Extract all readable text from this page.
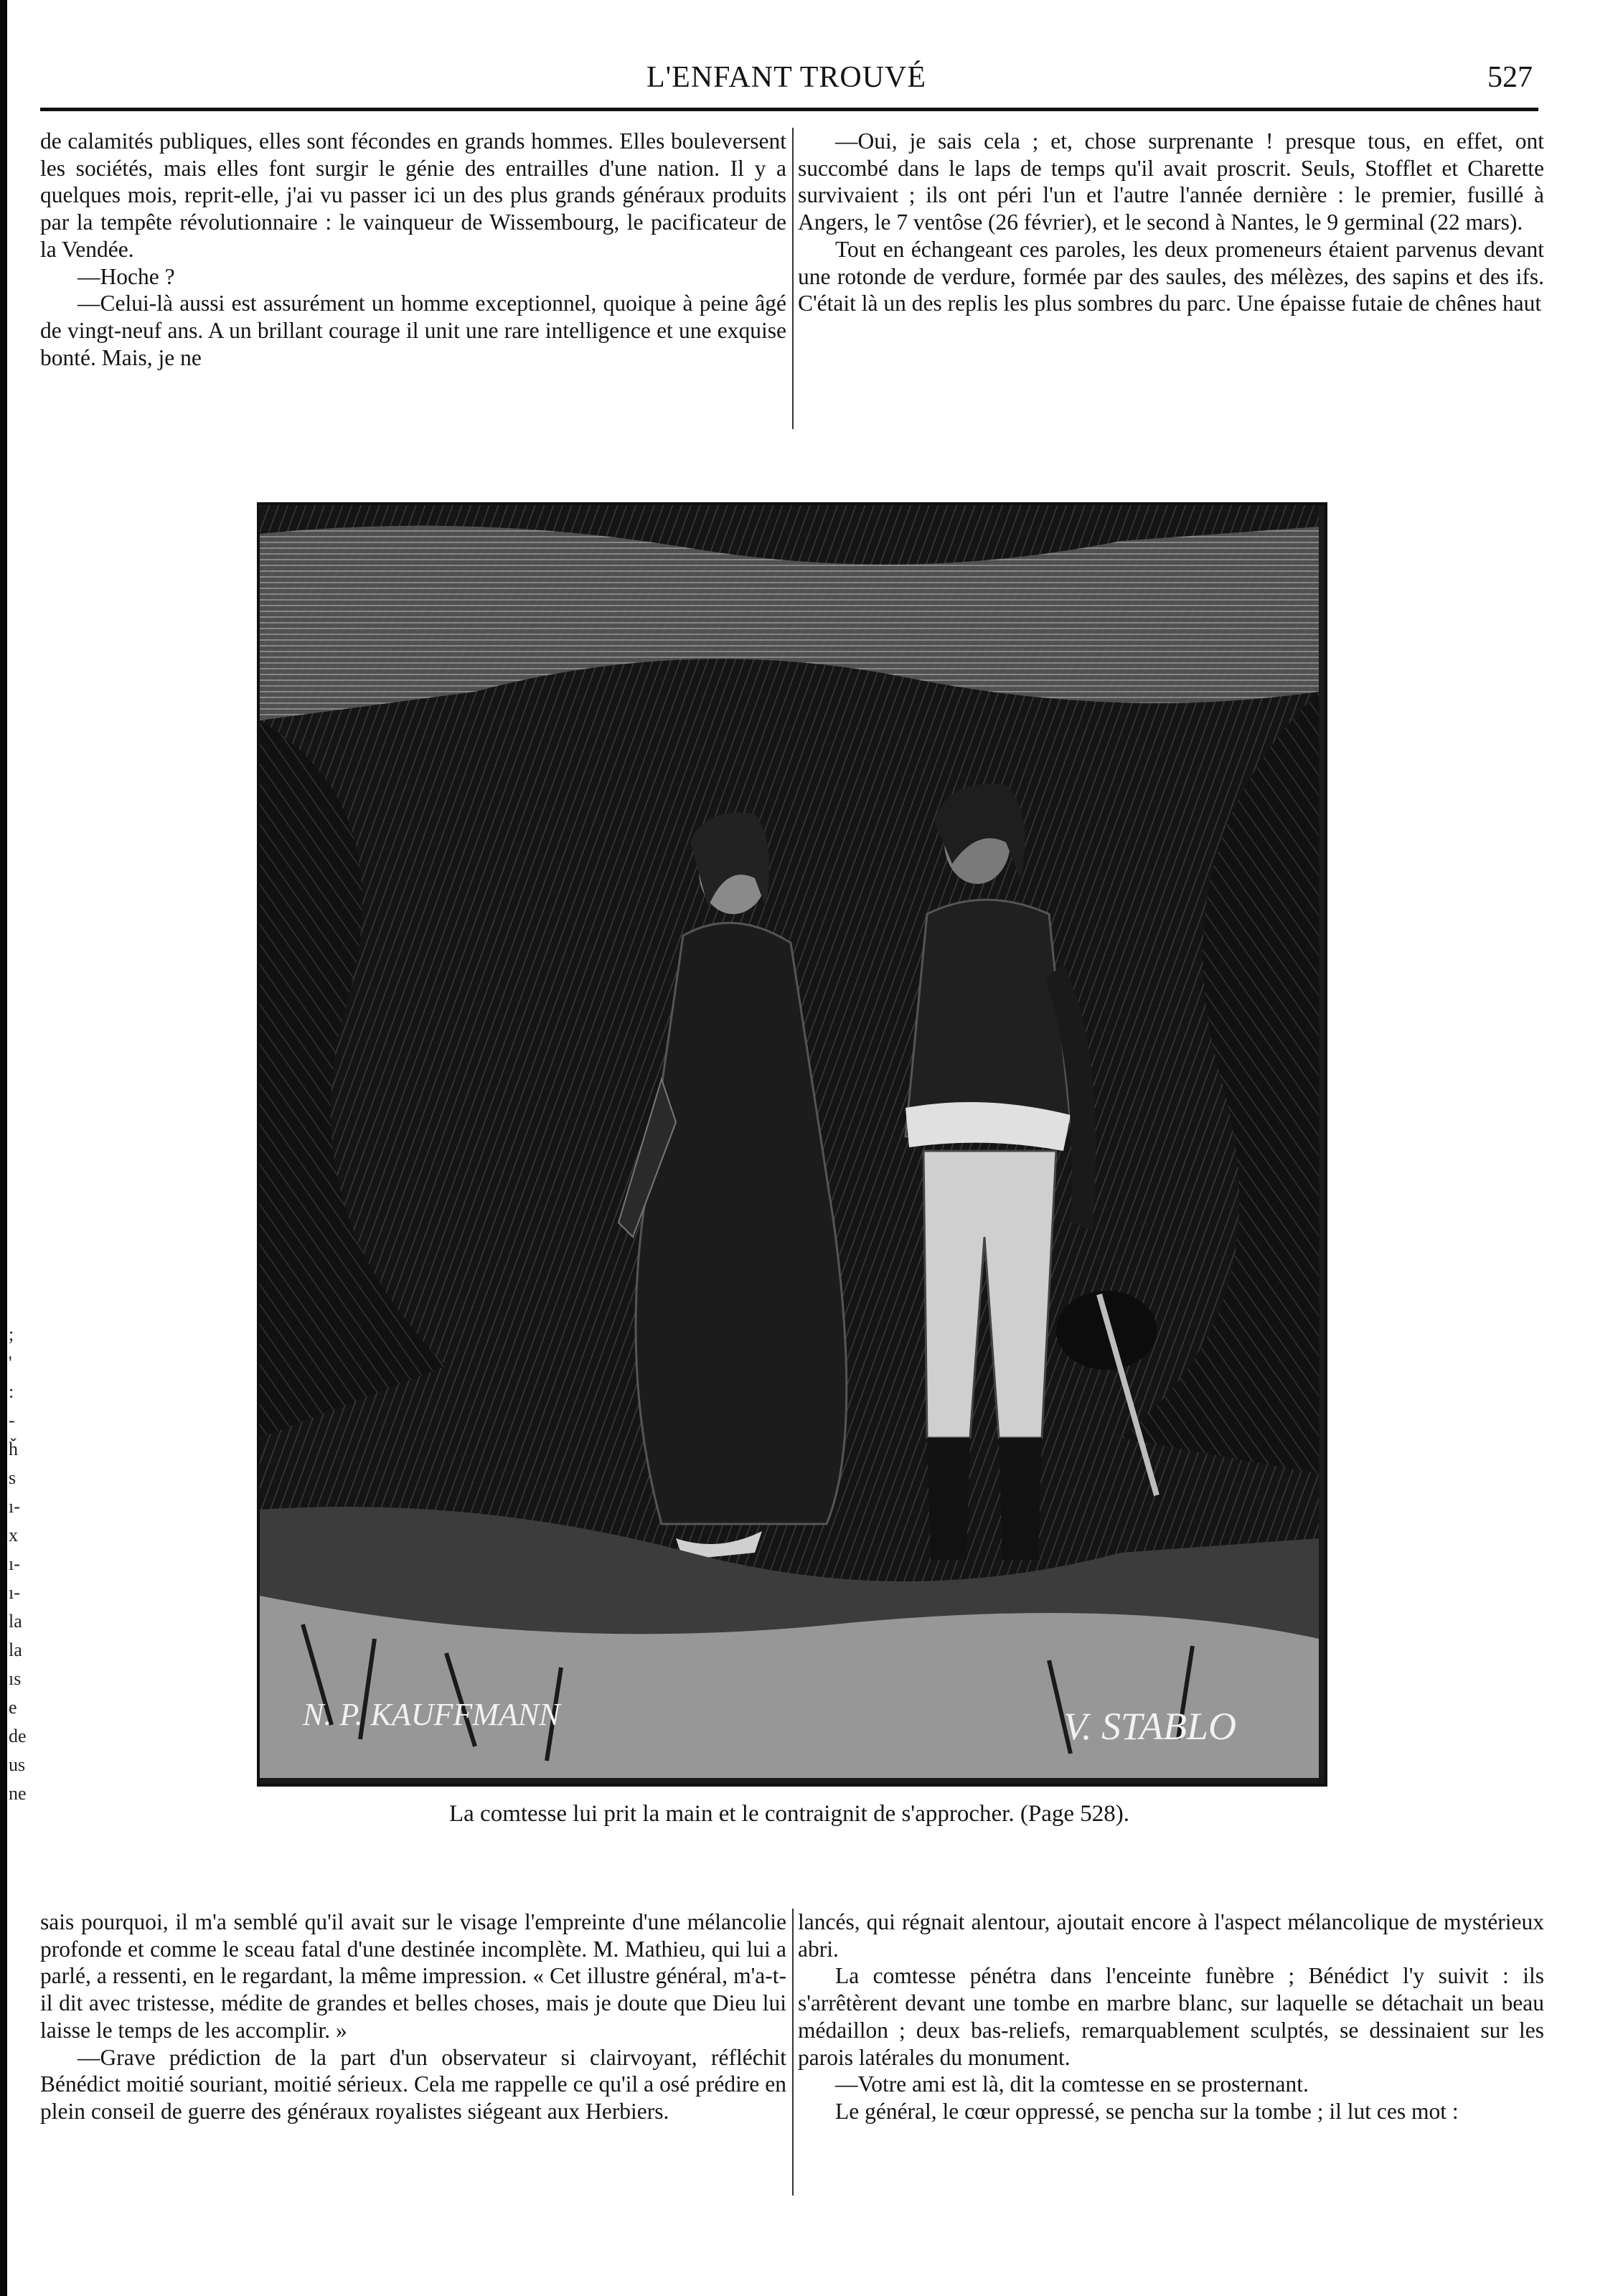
;
'
:
-
ȟ
s
ı-
x
ı-
ı-
la
la
ıs
e
de
us
ne
L'ENFANT TROUVÉ	527

de calamités publiques, elles sont fécondes en grands hommes. Elles bouleversent les sociétés, mais elles font surgir le génie des entrailles d'une nation. Il y a quelques mois, reprit-elle, j'ai vu passer ici un des plus grands généraux produits par la tempête révolutionnaire : le vainqueur de Wissembourg, le pacificateur de la Vendée.

—Hoche ?

—Celui-là aussi est assurément un homme exceptionnel, quoique à peine âgé de vingt-neuf ans. A un brillant courage il unit une rare intelligence et une exquise bonté. Mais, je ne

—Oui, je sais cela ; et, chose surprenante ! presque tous, en effet, ont succombé dans le laps de temps qu'il avait proscrit. Seuls, Stofflet et Charette survivaient ; ils ont péri l'un et l'autre l'année dernière : le premier, fusillé à Angers, le 7 ventôse (26 février), et le second à Nantes, le 9 germinal (22 mars).

Tout en échangeant ces paroles, les deux promeneurs étaient parvenus devant une rotonde de verdure, formée par des saules, des mélèzes, des sapins et des ifs. C'était là un des replis les plus sombres du parc. Une épaisse futaie de chênes haut

N. P. KAUFFMANN	V. STABLO
La comtesse lui prit la main et le contraignit de s'approcher. (Page 528).

sais pourquoi, il m'a semblé qu'il avait sur le visage l'empreinte d'une mélancolie profonde et comme le sceau fatal d'une destinée incomplète. M. Mathieu, qui lui a parlé, a ressenti, en le regardant, la même impression. « Cet illustre général, m'a-t-il dit avec tristesse, médite de grandes et belles choses, mais je doute que Dieu lui laisse le temps de les accomplir. »

—Grave prédiction de la part d'un observateur si clairvoyant, réfléchit Bénédict moitié souriant, moitié sérieux. Cela me rappelle ce qu'il a osé prédire en plein conseil de guerre des généraux royalistes siégeant aux Herbiers.

lancés, qui régnait alentour, ajoutait encore à l'aspect mélancolique de mystérieux abri.

La comtesse pénétra dans l'enceinte funèbre ; Bénédict l'y suivit : ils s'arrêtèrent devant une tombe en marbre blanc, sur laquelle se détachait un beau médaillon ; deux bas-reliefs, remarquablement sculptés, se dessinaient sur les parois latérales du monument.

—Votre ami est là, dit la comtesse en se prosternant.

Le général, le cœur oppressé, se pencha sur la tombe ; il lut ces mot :
